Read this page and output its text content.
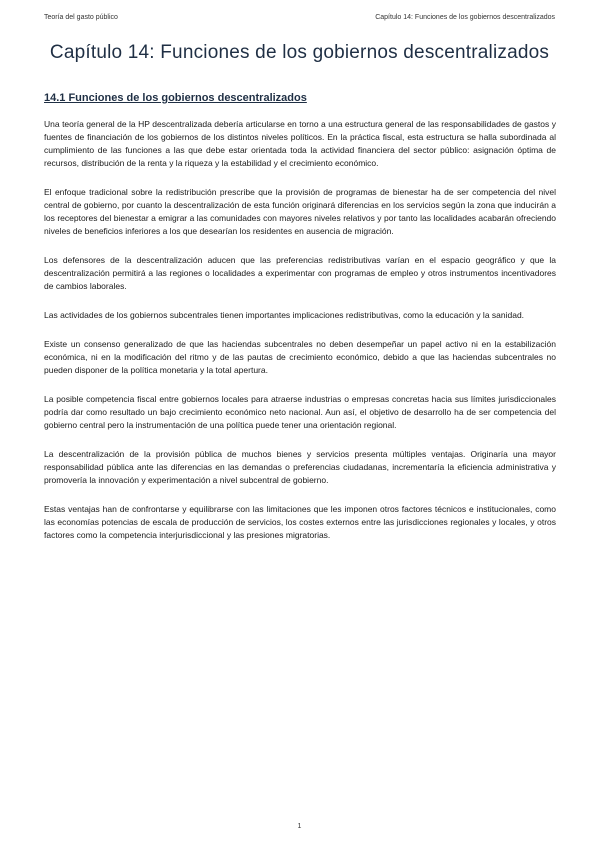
Teoría del gasto público	Capítulo 14: Funciones de los gobiernos descentralizados
Capítulo 14: Funciones de los gobiernos descentralizados
14.1 Funciones de los gobiernos descentralizados

Una teoría general de la HP descentralizada debería articularse en torno a una estructura general de las responsabilidades de gastos y fuentes de financiación de los gobiernos de los distintos niveles políticos. En la práctica fiscal, esta estructura se halla subordinada al cumplimiento de las funciones a las que debe estar orientada toda la actividad financiera del sector público: asignación óptima de recursos, distribución de la renta y la riqueza y la estabilidad y el crecimiento económico.

El enfoque tradicional sobre la redistribución prescribe que la provisión de programas de bienestar ha de ser competencia del nivel central de gobierno, por cuanto la descentralización de esta función originará diferencias en los servicios según la zona que inducirán a los receptores del bienestar a emigrar a las comunidades con mayores niveles relativos y por tanto las localidades acabarán ofreciendo niveles de beneficios inferiores a los que desearían los residentes en ausencia de migración.

Los defensores de la descentralización aducen que las preferencias redistributivas varían en el espacio geográfico y que la descentralización permitirá a las regiones o localidades a experimentar con programas de empleo y otros instrumentos incentivadores de cambios laborales.

Las actividades de los gobiernos subcentrales tienen importantes implicaciones redistributivas, como la educación y la sanidad.

Existe un consenso generalizado de que las haciendas subcentrales no deben desempeñar un papel activo ni en la estabilización económica, ni en la modificación del ritmo y de las pautas de crecimiento económico, debido a que las haciendas subcentrales no pueden disponer de la política monetaria y la total apertura.

La posible competencia fiscal entre gobiernos locales para atraerse industrias o empresas concretas hacia sus límites jurisdiccionales podría dar como resultado un bajo crecimiento económico neto nacional. Aun así, el objetivo de desarrollo ha de ser competencia del gobierno central pero la instrumentación de una política puede tener una orientación regional.

La descentralización de la provisión pública de muchos bienes y servicios presenta múltiples ventajas. Originaría una mayor responsabilidad pública ante las diferencias en las demandas o preferencias ciudadanas, incrementaría la eficiencia administrativa y promovería la innovación y experimentación a nivel subcentral de gobierno.

Estas ventajas han de confrontarse y equilibrarse con las limitaciones que les imponen otros factores técnicos e institucionales, como las economías potencias de escala de producción de servicios, los costes externos entre las jurisdicciones regionales y locales, y otros factores como la competencia interjurisdiccional y las presiones migratorias.

1
